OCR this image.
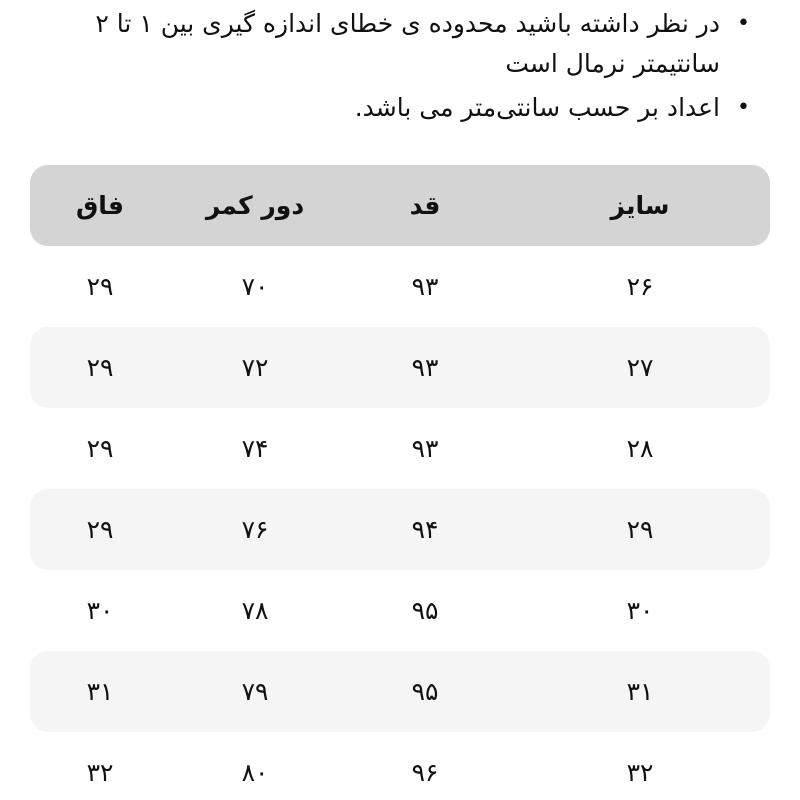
•
در نظر داشته باشید محدوده ی خطای اندازه گیری بین ۱ تا ۲ سانتیمتر نرمال است
•
اعداد بر حسب سانتی‌متر می باشد.
سایز
قد
دور کمر
فاق
۲۶
۹۳
۷۰
۲۹
۲۷
۹۳
۷۲
۲۹
۲۸
۹۳
۷۴
۲۹
۲۹
۹۴
۷۶
۲۹
۳۰
۹۵
۷۸
۳۰
۳۱
۹۵
۷۹
۳۱
۳۲
۹۶
۸۰
۳۲
